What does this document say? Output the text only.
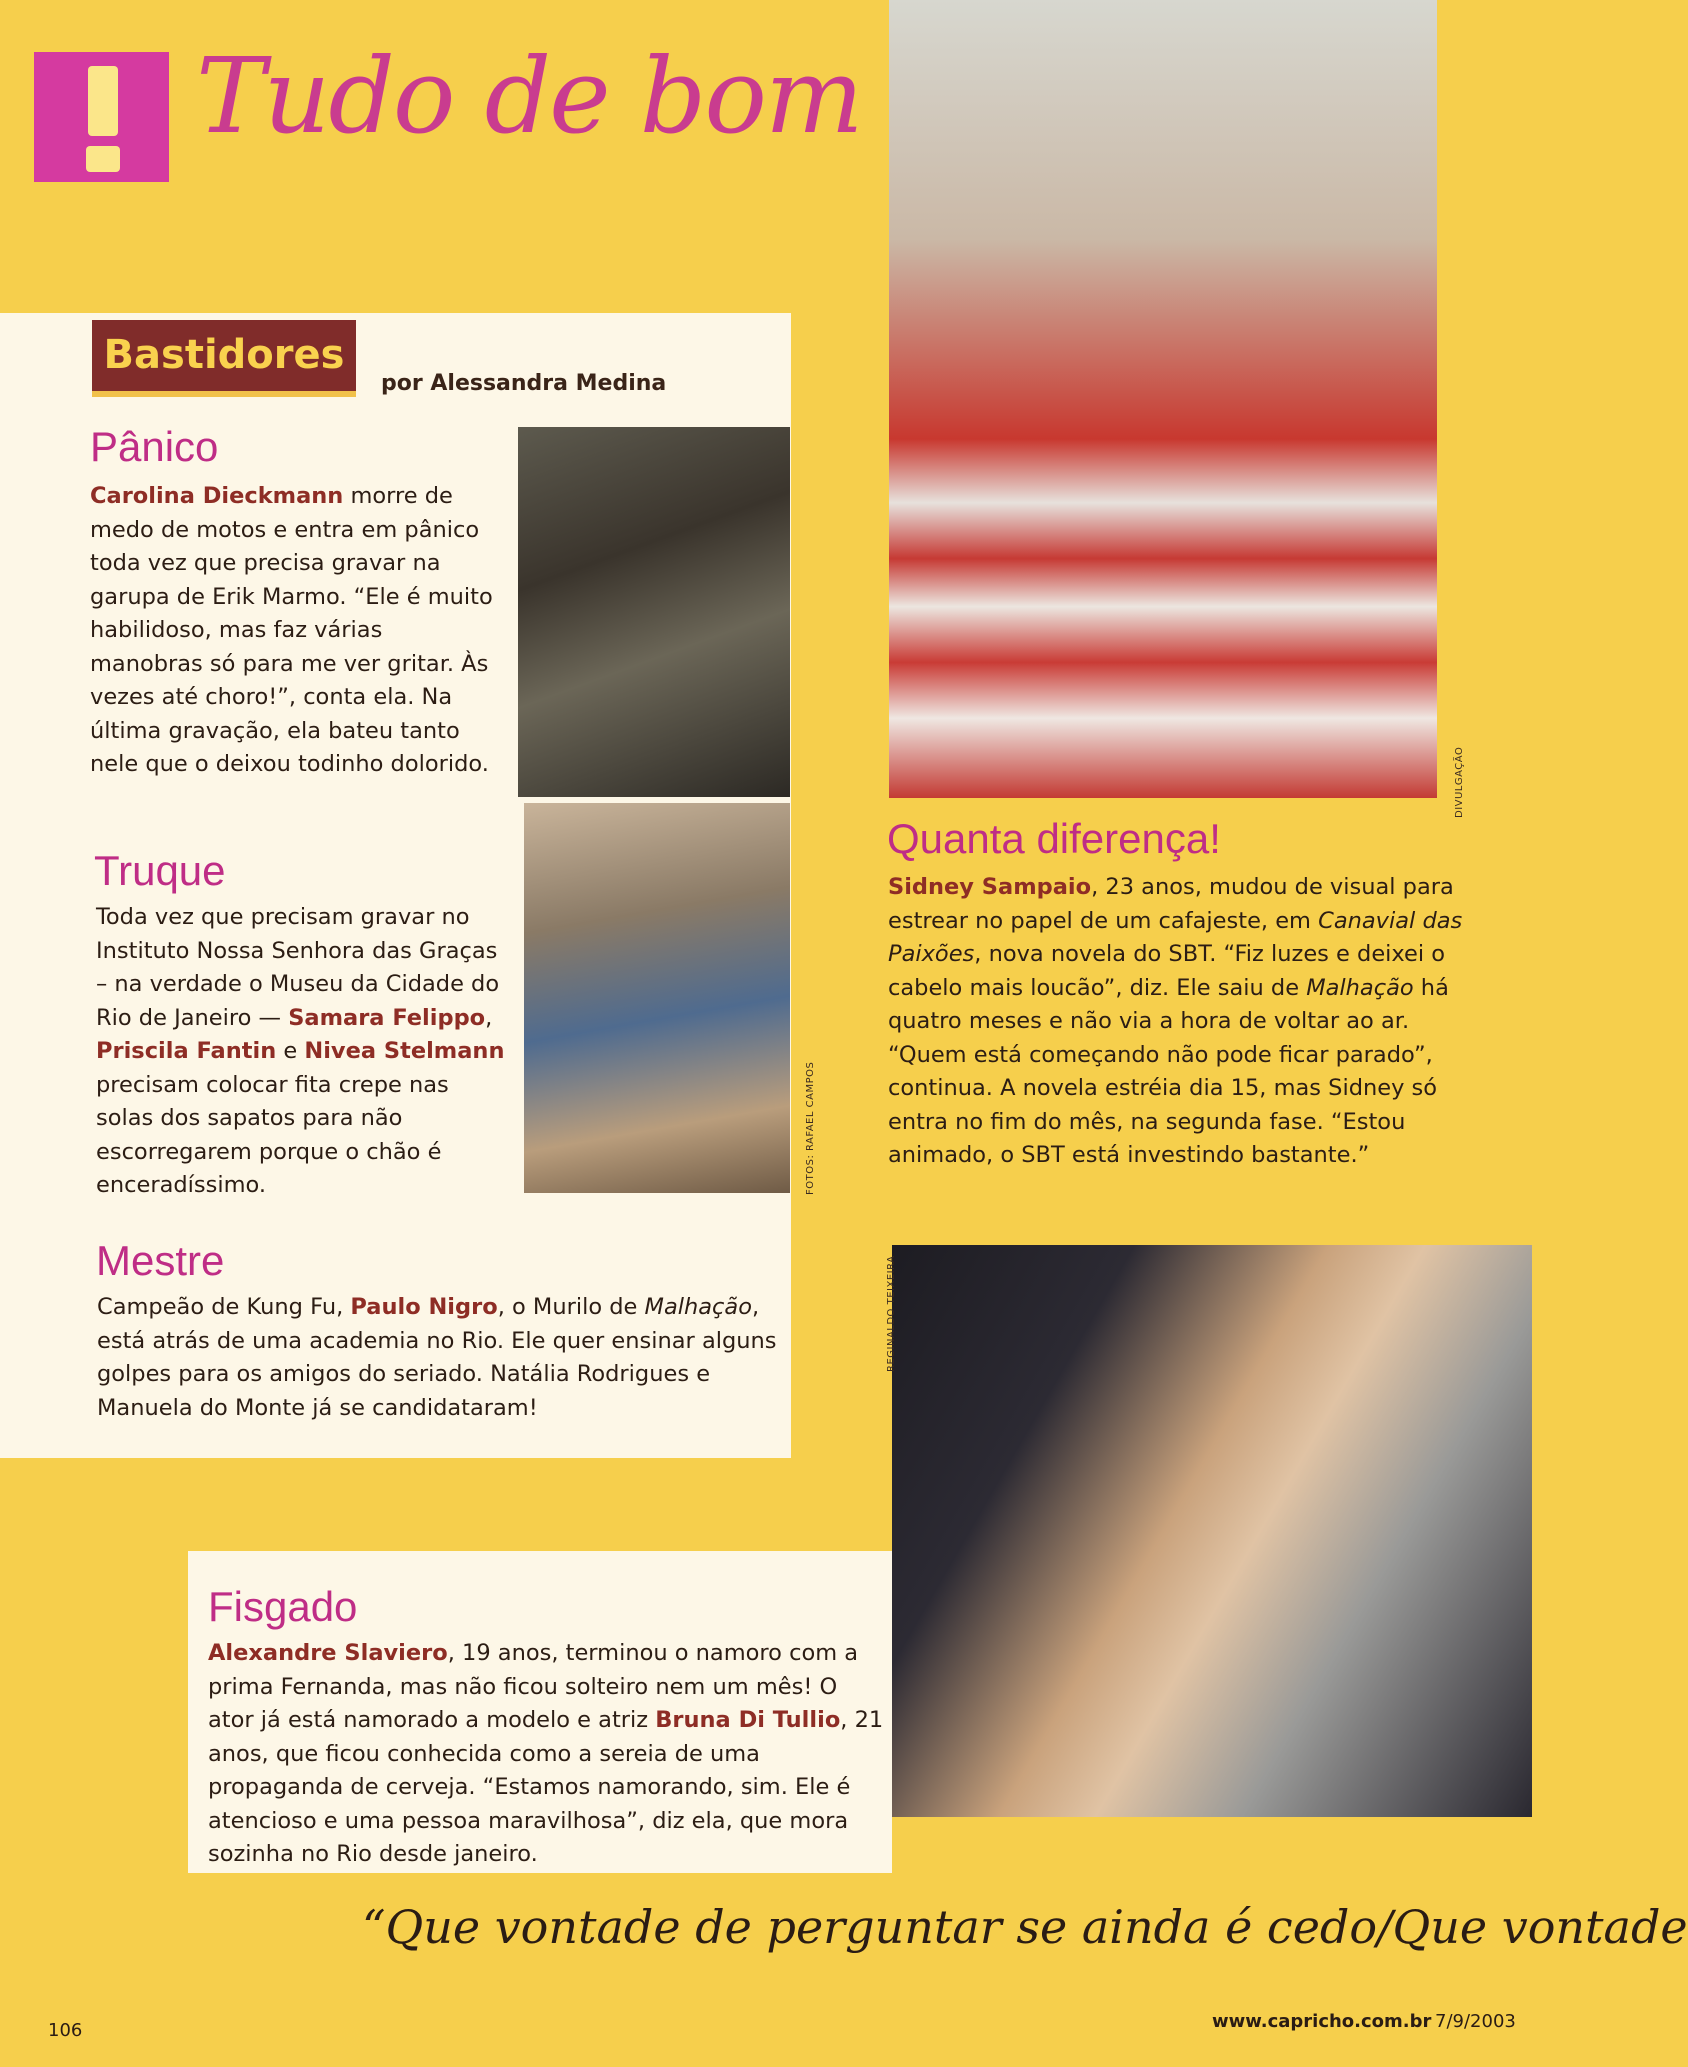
Tudo de bom
Bastidores
por Alessandra Medina
Pânico
Carolina Dieckmann morre de medo de motos e entra em pânico toda vez que precisa gravar na garupa de Erik Marmo. “Ele é muito habilidoso, mas faz várias manobras só para me ver gritar. Às vezes até choro!”, conta ela. Na última gravação, ela bateu tanto nele que o deixou todinho dolorido.
Truque
Toda vez que precisam gravar no Instituto Nossa Senhora das Graças – na verdade o Museu da Cidade do Rio de Janeiro — Samara Felippo, Priscila Fantin e Nivea Stelmann precisam colocar fita crepe nas solas dos sapatos para não escorregarem porque o chão é enceradíssimo.	FOTOS: RAFAEL CAMPOS
Mestre
Campeão de Kung Fu, Paulo Nigro, o Murilo de Malhação, está atrás de uma academia no Rio. Ele quer ensinar alguns golpes para os amigos do seriado. Natália Rodrigues e Manuela do Monte já se candidataram!
DIVULGAÇÃO
REGINALDO TEIXEIRA
Quanta diferença!
Sidney Sampaio, 23 anos, mudou de visual para estrear no papel de um cafajeste, em Canavial das Paixões, nova novela do SBT. “Fiz luzes e deixei o cabelo mais loucão”, diz. Ele saiu de Malhação há quatro meses e não via a hora de voltar ao ar. “Quem está começando não pode ficar parado”, continua. A novela estréia dia 15, mas Sidney só entra no fim do mês, na segunda fase. “Estou animado, o SBT está investindo bastante.”
Fisgado
Alexandre Slaviero, 19 anos, terminou o namoro com a prima Fernanda, mas não ficou solteiro nem um mês! O ator já está namorado a modelo e atriz Bruna Di Tullio, 21 anos, que ficou conhecida como a sereia de uma propaganda de cerveja. “Estamos namorando, sim. Ele é atencioso e uma pessoa maravilhosa”, diz ela, que mora sozinha no Rio desde janeiro.
“Que vontade de perguntar se ainda é cedo/Que vontade
106	www.capricho.com.br 7/9/2003
